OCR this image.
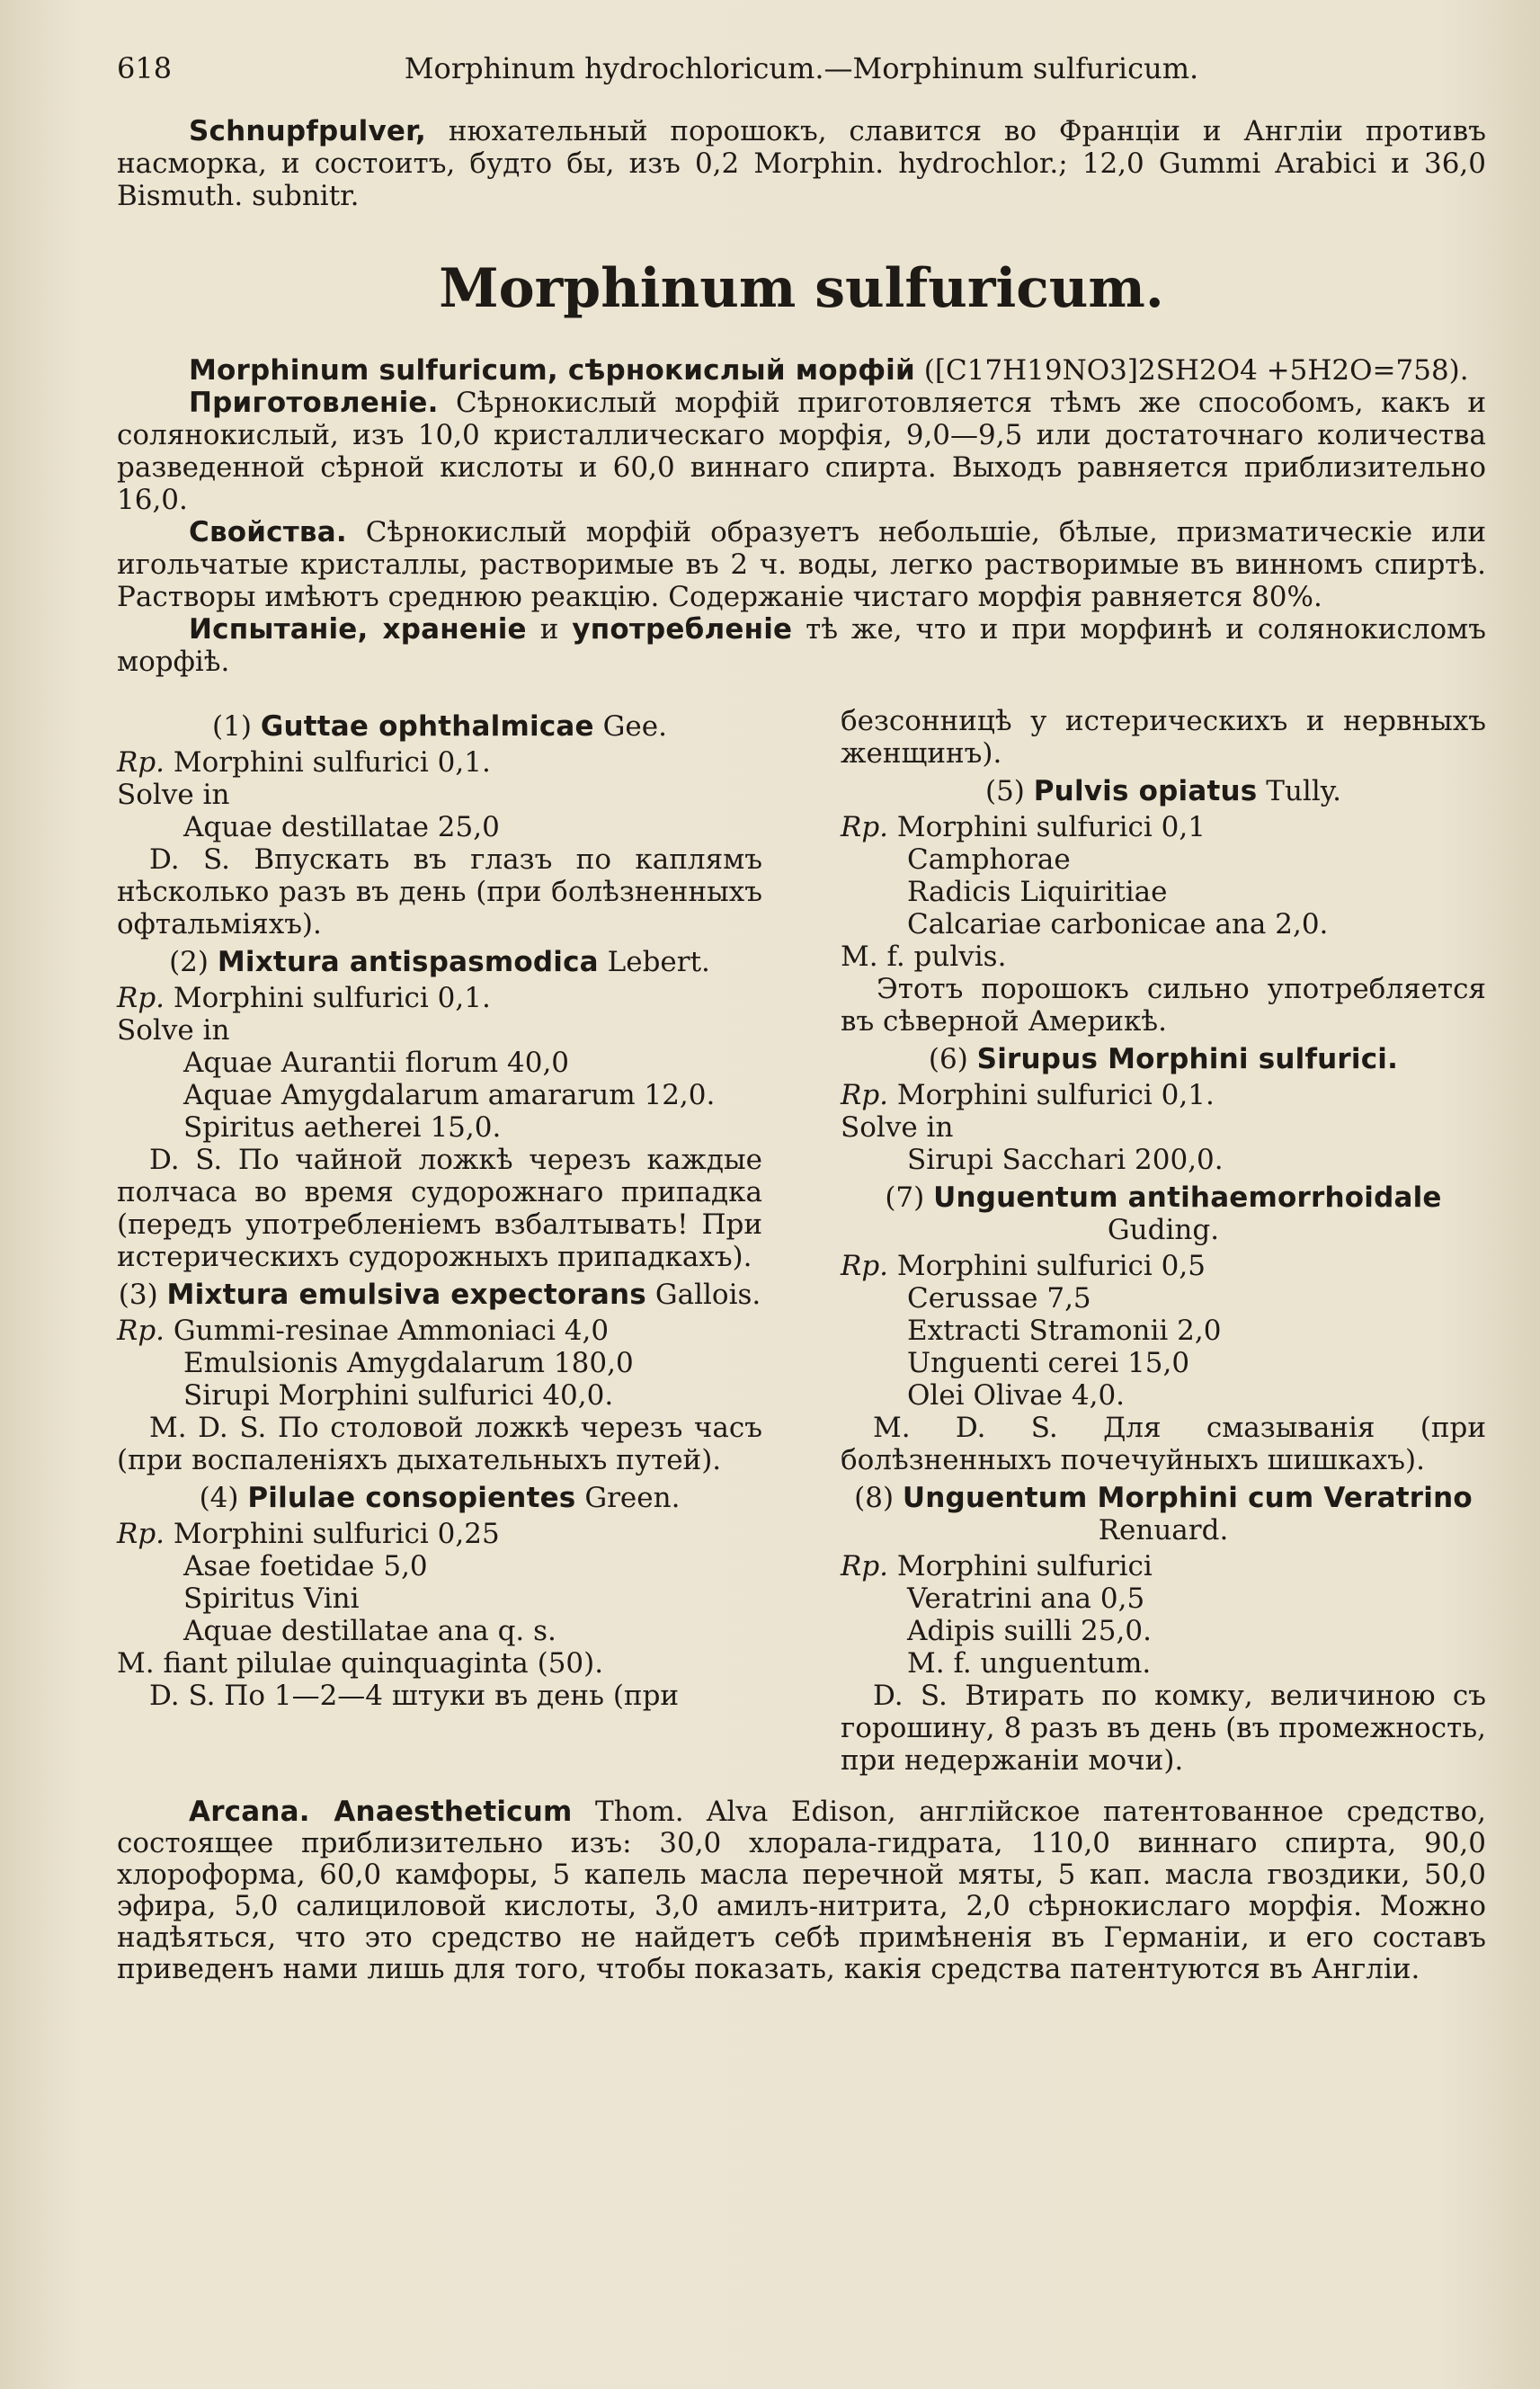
618	Morphinum hydrochloricum.—Morphinum sulfuricum.

Schnupfpulver, нюхательный порошокъ, славится во Франціи и Англіи противъ насморка, и состоитъ, будто бы, изъ 0,2 Morphin. hydrochlor.; 12,0 Gummi Arabici и 36,0 Bismuth. subnitr.

Morphinum sulfuricum.

Morphinum sulfuricum, сѣрнокислый морфій ([C17H19NO3]2SH2O4 +5H2O=758).

Приготовленіе. Сѣрнокислый морфій приготовляется тѣмъ же способомъ, какъ и солянокислый, изъ 10,0 кристаллическаго морфія, 9,0—9,5 или достаточнаго количества разведенной сѣрной кислоты и 60,0 виннаго спирта. Выходъ равняется приблизительно 16,0.

Свойства. Сѣрнокислый морфій образуетъ небольшіе, бѣлые, призматическіе или игольчатые кристаллы, растворимые въ 2 ч. воды, легко растворимые въ винномъ спиртѣ. Растворы имѣютъ среднюю реакцію. Содержаніе чистаго морфія равняется 80%.

Испытаніе, храненіе и употребленіе тѣ же, что и при морфинѣ и солянокисломъ морфіѣ.

(1) Guttae ophthalmicae Gee.
Rp. Morphini sulfurici 0,1.
Solve in
Aquae destillatae 25,0

D. S. Впускать въ глазъ по каплямъ нѣсколько разъ въ день (при болѣзненныхъ офтальміяхъ).

(2) Mixtura antispasmodica Lebert.
Rp. Morphini sulfurici 0,1.
Solve in
Aquae Aurantii florum 40,0
Aquae Amygdalarum amararum 12,0.
Spiritus aetherei 15,0.

D. S. По чайной ложкѣ черезъ каждые полчаса во время судорожнаго припадка (передъ употребленіемъ взбалтывать! При истерическихъ судорожныхъ припадкахъ).

(3) Mixtura emulsiva expectorans Gallois.
Rp. Gummi-resinae Ammoniaci 4,0
Emulsionis Amygdalarum 180,0
Sirupi Morphini sulfurici 40,0.

M. D. S. По столовой ложкѣ черезъ часъ (при воспаленіяхъ дыхательныхъ путей).

(4) Pilulae consopientes Green.
Rp. Morphini sulfurici 0,25
Asae foetidae 5,0
Spiritus Vini
Aquae destillatae ana q. s.
M. fiant pilulae quinquaginta (50).

D. S. По 1—2—4 штуки въ день (при

безсонницѣ у истерическихъ и нервныхъ женщинъ).

(5) Pulvis opiatus Tully.
Rp. Morphini sulfurici 0,1
Camphorae
Radicis Liquiritiae
Calcariae carbonicae ana 2,0.
M. f. pulvis.

Этотъ порошокъ сильно употребляется въ сѣверной Америкѣ.

(6) Sirupus Morphini sulfurici.
Rp. Morphini sulfurici 0,1.
Solve in
Sirupi Sacchari 200,0.
(7) Unguentum antihaemorrhoidale Guding.
Rp. Morphini sulfurici 0,5
Cerussae 7,5
Extracti Stramonii 2,0
Unguenti cerei 15,0
Olei Olivae 4,0.

M. D. S. Для смазыванія (при болѣзненныхъ почечуйныхъ шишкахъ).

(8) Unguentum Morphini cum Veratrino Renuard.
Rp. Morphini sulfurici
Veratrini ana 0,5
Adipis suilli 25,0.
M. f. unguentum.

D. S. Втирать по комку, величиною съ горошину, 8 разъ въ день (въ промежность, при недержаніи мочи).

Arcana. Anaestheticum Thom. Alva Edison, англійское патентованное средство, состоящее приблизительно изъ: 30,0 хлорала-гидрата, 110,0 виннаго спирта, 90,0 хлороформа, 60,0 камфоры, 5 капель масла перечной мяты, 5 кап. масла гвоздики, 50,0 эфира, 5,0 салициловой кислоты, 3,0 амилъ-нитрита, 2,0 сѣрнокислаго морфія. Можно надѣяться, что это средство не найдетъ себѣ примѣненія въ Германіи, и его составъ приведенъ нами лишь для того, чтобы показать, какія средства патентуются въ Англіи.
